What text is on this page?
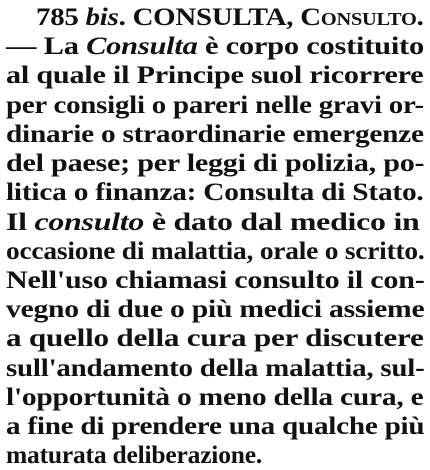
785 bis. CONSULTA, Consulto.
— La Consulta è corpo costituito
al quale il Principe suol ricorrere
per consigli o pareri nelle gravi or-
dinarie o straordinarie emergenze
del paese; per leggi di polizia, po-
litica o finanza: Consulta di Stato.
Il consulto è dato dal medico in
occasione di malattia, orale o scritto.
Nell'uso chiamasi consulto il con-
vegno di due o più medici assieme
a quello della cura per discutere
sull'andamento della malattia, sul-
l'opportunità o meno della cura, e
a fine di prendere una qualche più
maturata deliberazione.
